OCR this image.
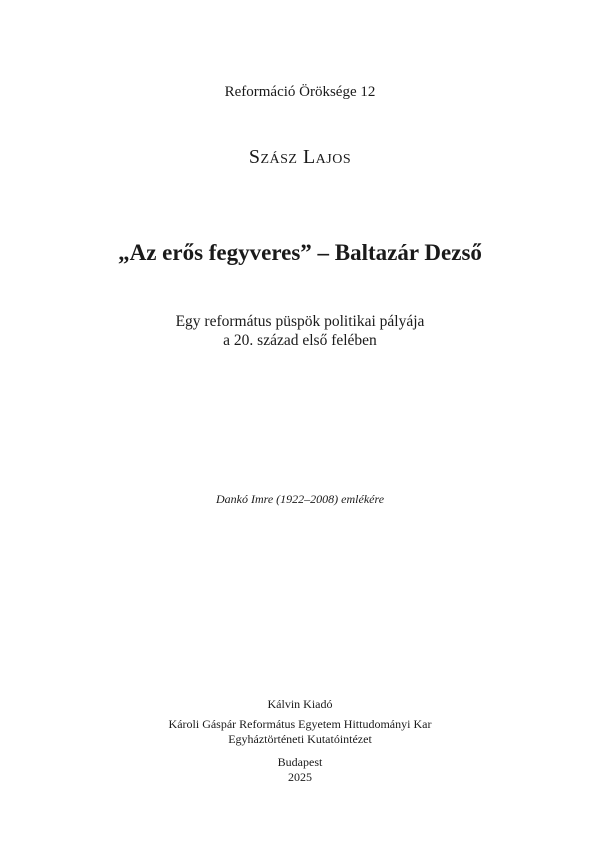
Reformáció Öröksége 12
Szász Lajos
„Az erős fegyveres” – Baltazár Dezső
Egy református püspök politikai pályája
a 20. század első felében
Dankó Imre (1922–2008) emlékére
Kálvin Kiadó
Károli Gáspár Református Egyetem Hittudományi Kar
Egyháztörténeti Kutatóintézet
Budapest
2025
